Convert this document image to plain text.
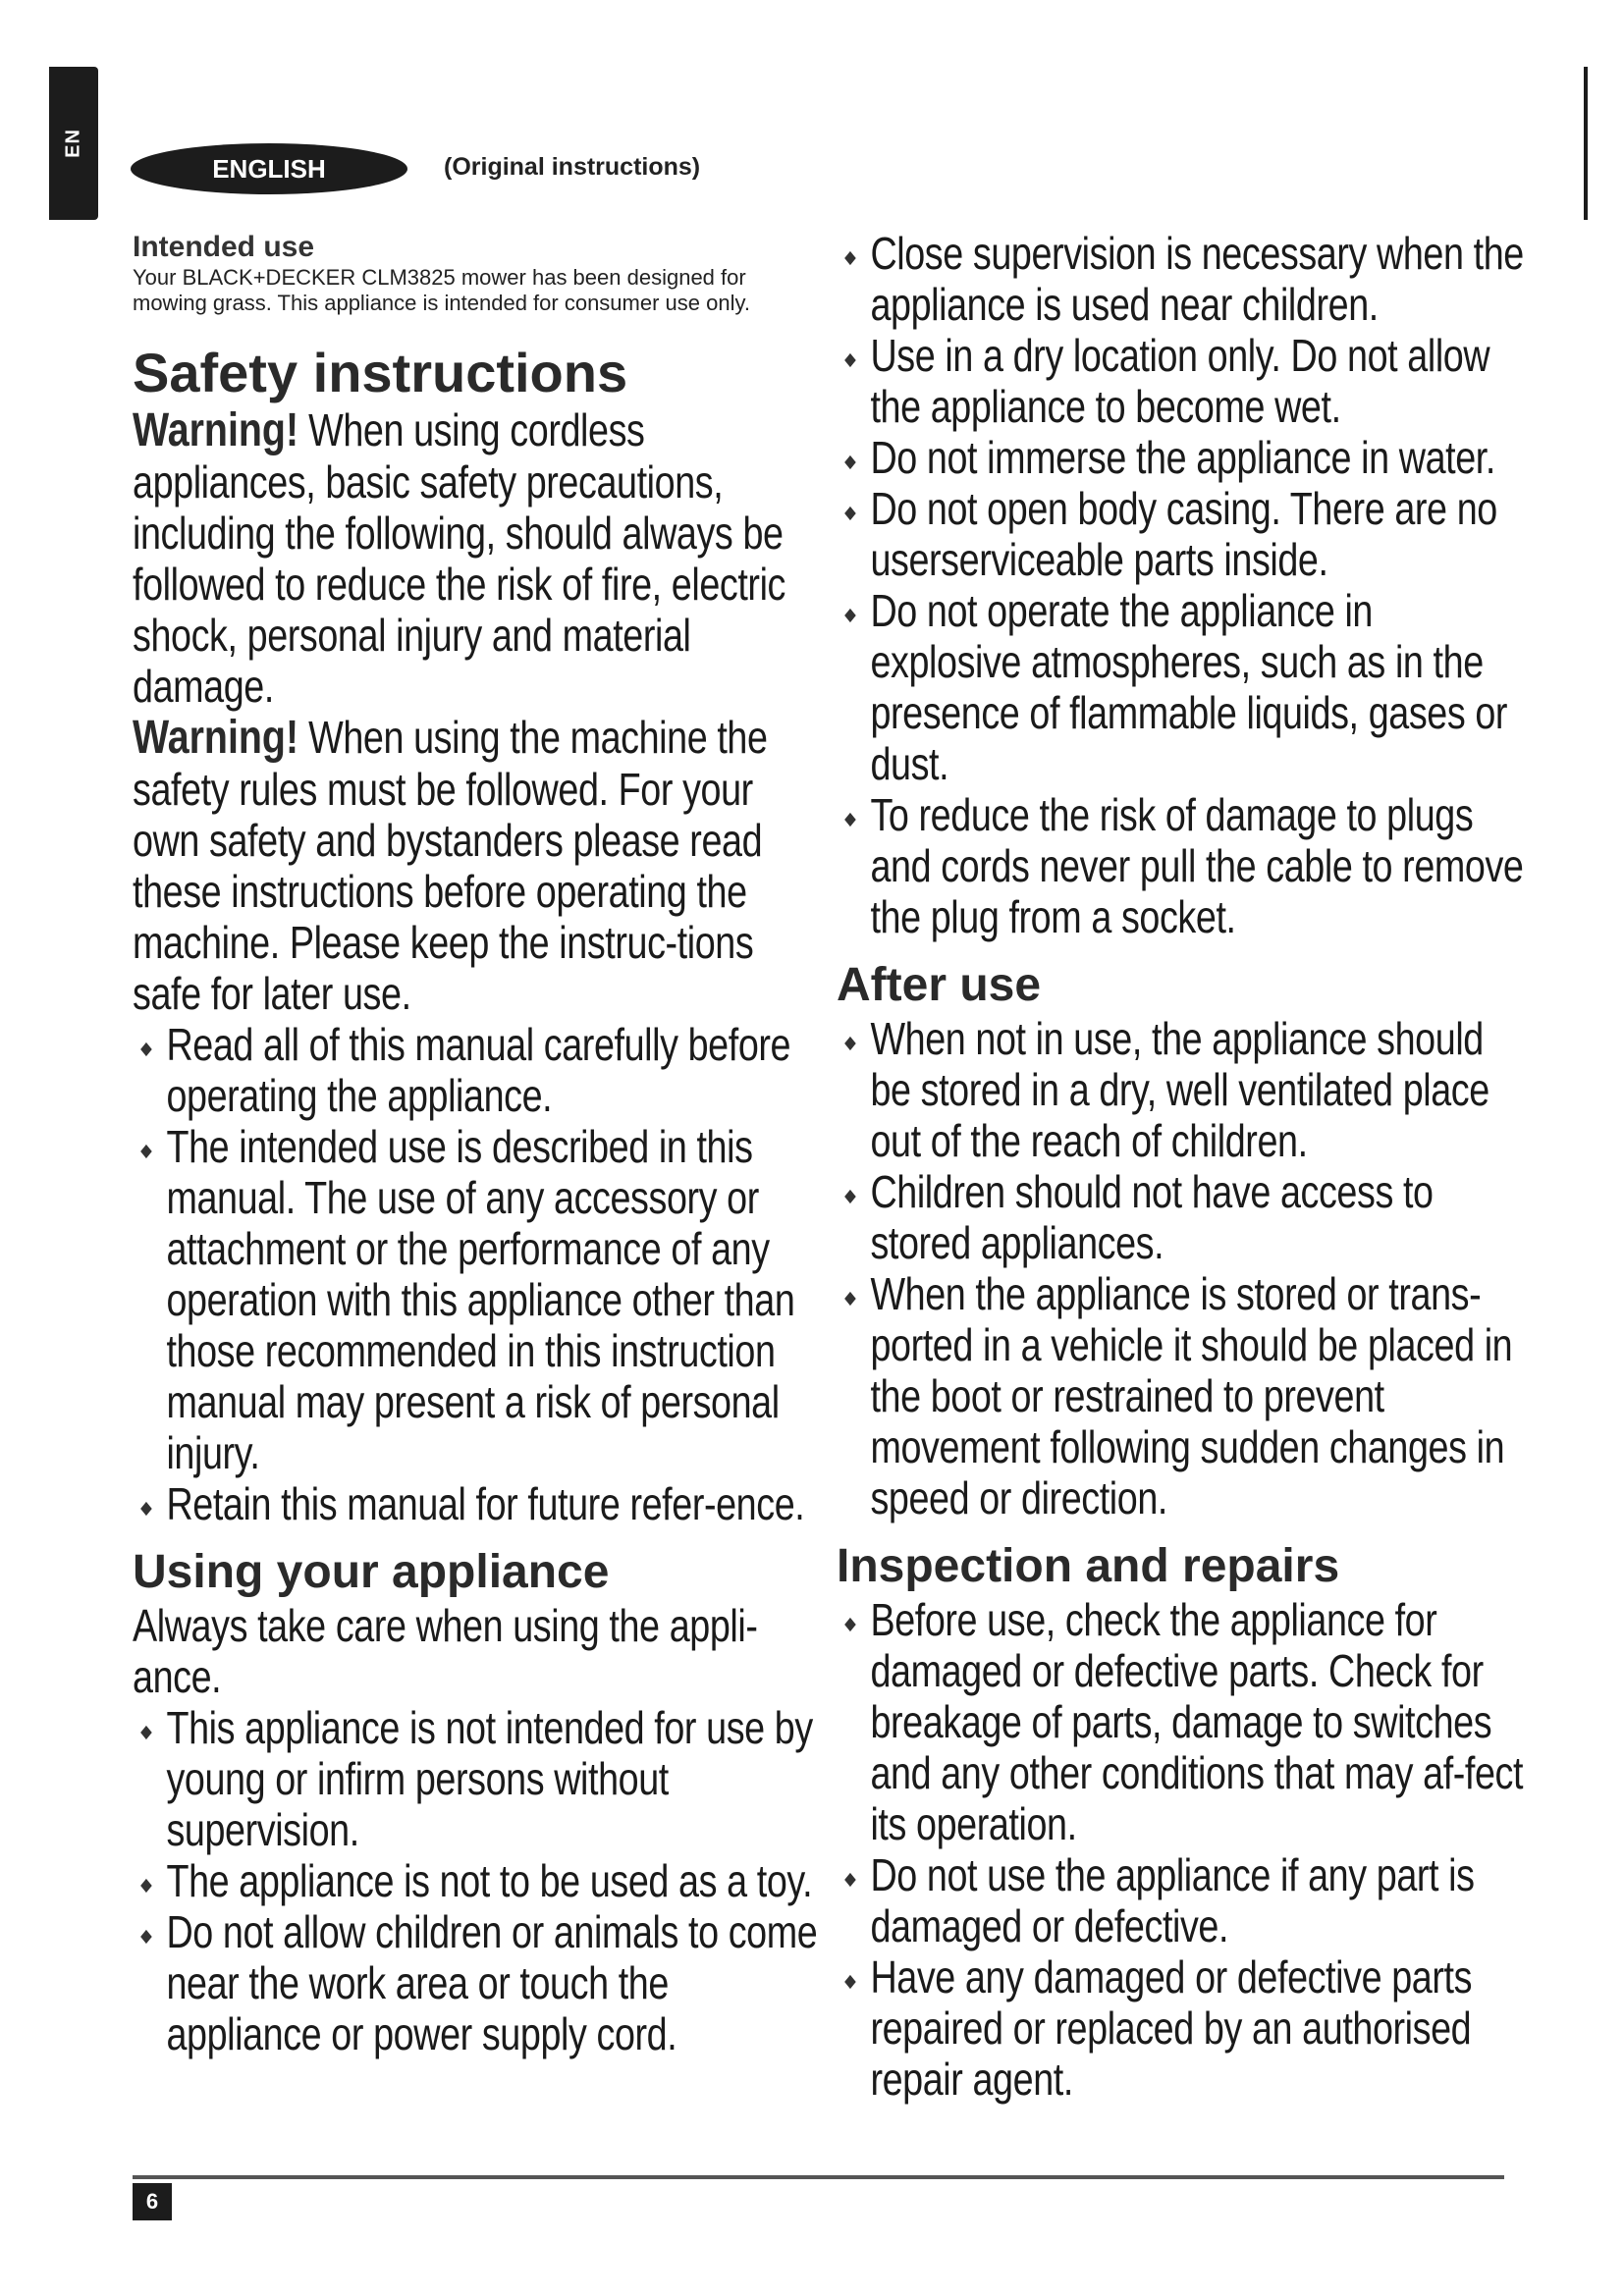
EN
ENGLISH	(Original instructions)
Intended use

Your BLACK+DECKER CLM3825 mower has been designed for mowing grass. This appliance is intended for consumer use only.

Safety instructions
Warning! When using cordless appliances, basic safety precautions, including the following, should always be followed to reduce the risk of fire, electric shock, personal injury and material damage.
Warning! When using the machine the safety rules must be followed. For your own safety and bystanders please read these instructions before operating the machine. Please keep the instruc-tions safe for later use.
Read all of this manual carefully before operating the appliance.
The intended use is described in this manual. The use of any accessory or attachment or the performance of any operation with this appliance other than those recommended in this instruction manual may present a risk of personal injury.
Retain this manual for future refer-ence.
Using your appliance

Always take care when using the appli-ance.

This appliance is not intended for use by young or infirm persons without supervision.
The appliance is not to be used as a toy.
Do not allow children or animals to come near the work area or touch the appliance or power supply cord.
Close supervision is necessary when the appliance is used near children.
Use in a dry location only. Do not allow the appliance to become wet.
Do not immerse the appliance in water.
Do not open body casing. There are no userserviceable parts inside.
Do not operate the appliance in explosive atmospheres, such as in the presence of flammable liquids, gases or dust.
To reduce the risk of damage to plugs and cords never pull the cable to remove the plug from a socket.
After use
When not in use, the appliance should be stored in a dry, well ventilated place out of the reach of children.
Children should not have access to stored appliances.
When the appliance is stored or trans-ported in a vehicle it should be placed in the boot or restrained to prevent movement following sudden changes in speed or direction.
Inspection and repairs
Before use, check the appliance for damaged or defective parts. Check for breakage of parts, damage to switches and any other conditions that may af-fect its operation.
Do not use the appliance if any part is damaged or defective.
Have any damaged or defective parts repaired or replaced by an authorised repair agent.
6
